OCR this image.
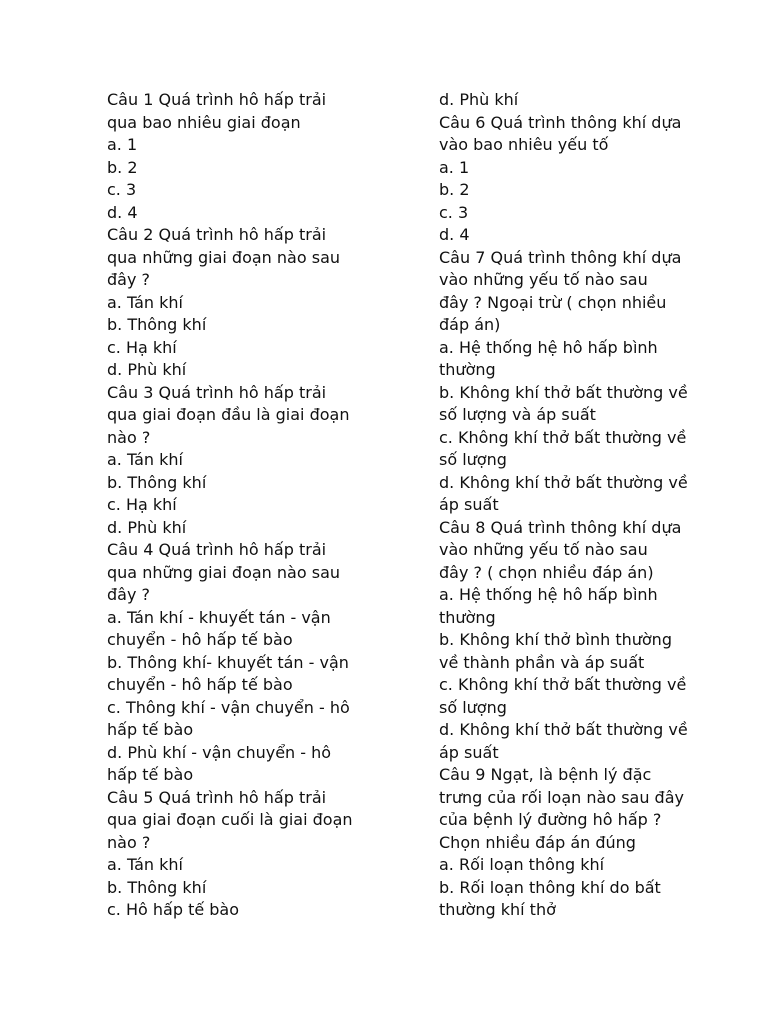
Câu 1 Quá trình hô hấp trải
qua bao nhiêu giai đoạn
a. 1
b. 2
c. 3
d. 4
Câu 2 Quá trình hô hấp trải
qua những giai đoạn nào sau
đây ?
a. Tán khí
b. Thông khí
c. Hạ khí
d. Phù khí
Câu 3 Quá trình hô hấp trải
qua giai đoạn đầu là giai đoạn
nào ?
a. Tán khí
b. Thông khí
c. Hạ khí
d. Phù khí
Câu 4 Quá trình hô hấp trải
qua những giai đoạn nào sau
đây ?
a. Tán khí - khuyết tán - vận
chuyển - hô hấp tế bào
b. Thông khí- khuyết tán - vận
chuyển - hô hấp tế bào
c. Thông khí - vận chuyển - hô
hấp tế bào
d. Phù khí - vận chuyển - hô
hấp tế bào
Câu 5 Quá trình hô hấp trải
qua giai đoạn cuối là giai đoạn
nào ?
a. Tán khí
b. Thông khí
c. Hô hấp tế bào
d. Phù khí
Câu 6 Quá trình thông khí dựa
vào bao nhiêu yếu tố
a. 1
b. 2
c. 3
d. 4
Câu 7 Quá trình thông khí dựa
vào những yếu tố nào sau
đây ? Ngoại trừ ( chọn nhiều
đáp án)
a. Hệ thống hệ hô hấp bình
thường
b. Không khí thở bất thường về
số lượng và áp suất
c. Không khí thở bất thường về
số lượng
d. Không khí thở bất thường về
áp suất
Câu 8 Quá trình thông khí dựa
vào những yếu tố nào sau
đây ? ( chọn nhiều đáp án)
a. Hệ thống hệ hô hấp bình
thường
b. Không khí thở bình thường
về thành phần và áp suất
c. Không khí thở bất thường về
số lượng
d. Không khí thở bất thường về
áp suất
Câu 9 Ngạt, là bệnh lý đặc
trưng của rối loạn nào sau đây
của bệnh lý đường hô hấp ?
Chọn nhiều đáp án đúng
a. Rối loạn thông khí
b. Rối loạn thông khí do bất
thường khí thở
